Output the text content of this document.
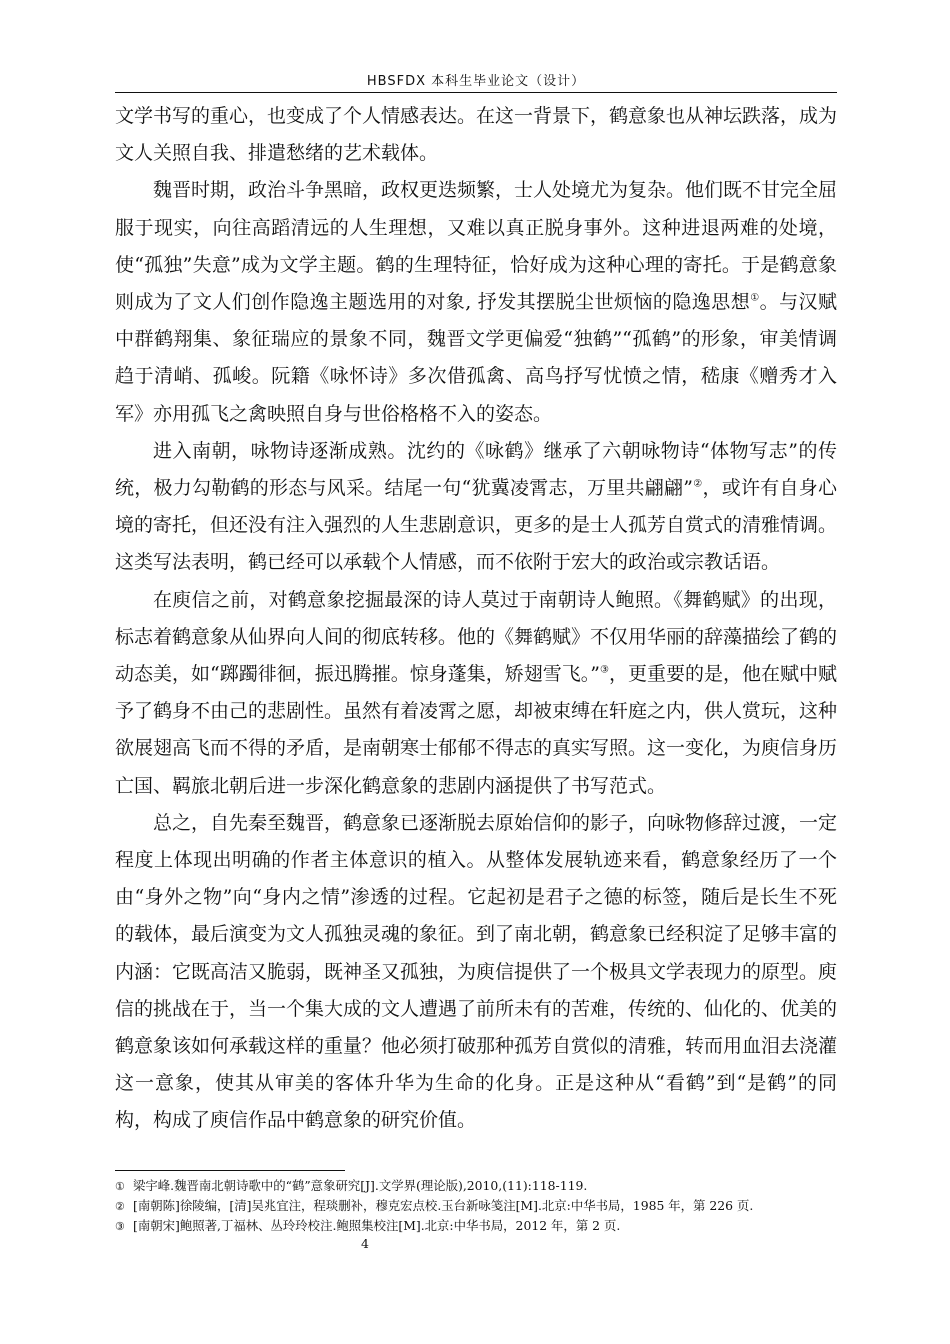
HBSFDX 本科生毕业论文（设计）

文学书写的重心，也变成了个人情感表达。在这一背景下，鹤意象也从神坛跌落，成为文人关照自我、排遣愁绪的艺术载体。

魏晋时期，政治斗争黑暗，政权更迭频繁，士人处境尤为复杂。他们既不甘完全屈服于现实，向往高蹈清远的人生理想，又难以真正脱身事外。这种进退两难的处境，使“孤独”失意”成为文学主题。鹤的生理特征，恰好成为这种心理的寄托。于是鹤意象则成为了文人们创作隐逸主题选用的对象, 抒发其摆脱尘世烦恼的隐逸思想①。与汉赋中群鹤翔集、象征瑞应的景象不同，魏晋文学更偏爱“独鹤”“孤鹤”的形象，审美情调趋于清峭、孤峻。阮籍《咏怀诗》多次借孤禽、高鸟抒写忧愤之情，嵇康《赠秀才入军》亦用孤飞之禽映照自身与世俗格格不入的姿态。

进入南朝，咏物诗逐渐成熟。沈约的《咏鹤》继承了六朝咏物诗“体物写志”的传统，极力勾勒鹤的形态与风采。结尾一句“犹冀凌霄志，万里共翩翩”②，或许有自身心境的寄托，但还没有注入强烈的人生悲剧意识，更多的是士人孤芳自赏式的清雅情调。这类写法表明，鹤已经可以承载个人情感，而不依附于宏大的政治或宗教话语。

在庾信之前，对鹤意象挖掘最深的诗人莫过于南朝诗人鲍照。《舞鹤赋》的出现，标志着鹤意象从仙界向人间的彻底转移。他的《舞鹤赋》不仅用华丽的辞藻描绘了鹤的动态美，如“踯躅徘徊，振迅腾摧。惊身蓬集，矫翅雪飞。”③，更重要的是，他在赋中赋予了鹤身不由己的悲剧性。虽然有着凌霄之愿，却被束缚在轩庭之内，供人赏玩，这种欲展翅高飞而不得的矛盾，是南朝寒士郁郁不得志的真实写照。这一变化，为庾信身历亡国、羁旅北朝后进一步深化鹤意象的悲剧内涵提供了书写范式。

总之，自先秦至魏晋，鹤意象已逐渐脱去原始信仰的影子，向咏物修辞过渡，一定程度上体现出明确的作者主体意识的植入。从整体发展轨迹来看，鹤意象经历了一个由“身外之物”向“身内之情”渗透的过程。它起初是君子之德的标签，随后是长生不死的载体，最后演变为文人孤独灵魂的象征。到了南北朝，鹤意象已经积淀了足够丰富的内涵：它既高洁又脆弱，既神圣又孤独，为庾信提供了一个极具文学表现力的原型。庾信的挑战在于，当一个集大成的文人遭遇了前所未有的苦难，传统的、仙化的、优美的鹤意象该如何承载这样的重量？他必须打破那种孤芳自赏似的清雅，转而用血泪去浇灌这一意象，使其从审美的客体升华为生命的化身。正是这种从“看鹤”到“是鹤”的同构，构成了庾信作品中鹤意象的研究价值。

① 梁宇峰.魏晋南北朝诗歌中的“鹤”意象研究[J].文学界(理论版),2010,(11):118-119.
② [南朝陈]徐陵编，[清]吴兆宜注，程琰删补，穆克宏点校.玉台新咏笺注[M].北京:中华书局，1985 年，第 226 页.
③ [南朝宋]鲍照著,丁福林、丛玲玲校注.鲍照集校注[M].北京:中华书局，2012 年，第 2 页.
4
